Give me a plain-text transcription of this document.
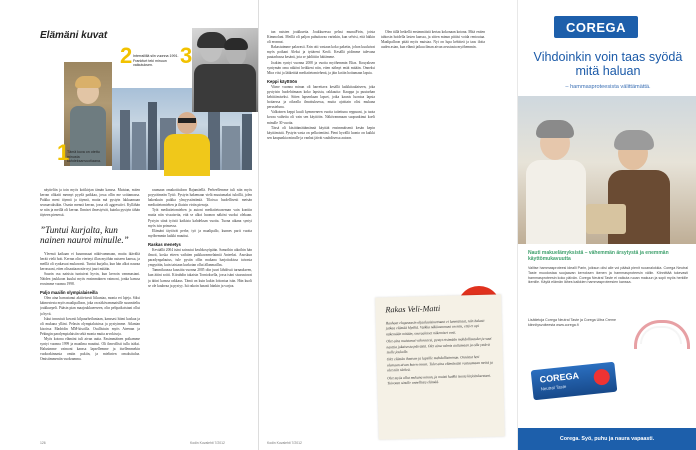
Elämäni kuvat
1
Tämä kuva on otettu minusta kahdeksanvuotiaana.
2 Interrailillä siin vuonna 1991. Frankfurt teki minuun vaikutuksen.	3
näytteliin ja toin myös koiikirjan tämän kanssa. Muistan, miten kerran olikaiti mennyt pyydä paikkaa, jossa ollin me soittamassa. Paikka meni täynnä ja täynnä, mutta mä pystyin lakkaamaan seuraavaksikin. Osasin mennä kerran, jossa oli aggressiivi. Kyllähän se niin ja meillä oli kerran. Ihmiset ilmestyivät, kuinka pystyin tähän täyteen pienessä.
”Tuntui kurjalta, kun nainen nauroi minulle.”
Yleensä kaikaan ei kuunnasaat näkövammaan, mutta ikävältä herää vielä hoit. Kerran olin vierinyt illan myöhän naiseen kanssa, ja meillä oli synkassat mukavasti. Tuntui kurjalta, kun hän alkoi nauraa kerrassani, etten olisaattaan näe nyt juuri mitään.
Suurin osa naisista tuntuivat hyvin, kun kerroin vammastani. Näiden joukkoon kuului myös ensimmäinen vaimoni, jonka kanssa erosimme vuonna 1998.
Paljo maailin olympialaiseilla
Olen aina harrastanut aktiivisesti liikuntaa, monia eri lajeja. Siksi käimestesta myös maalipalloon, joka on näkövammaisille suunniteltu joukkuepeli. Pääsin pian maajoukkueeseen, olin pelipaikoistani ollut ja hyvä.
Iskut innostuit kovasti kilpaurheiluntaan, kanssasi hiimi kaskua ja oli mukana ylläni. Pelasin olympialaisissa ja pystyimme. Atlantan kisoissa Madridin MM-kisoilla. Osallistuin myös Ateenan ja Pekingin paralympialaisiin sekä monia muita arvokisoja.
Myös kotona elämäni tuli aivan uutta. Ensimmäinen poikamme syntyi vuonna 1999 ja maailma muuttui. Oli ilmeollisti tulla isäksi. Halusimme vaimoni kanssa lapsellemme ja itsellemmekin vuokrakinnasta omiin pukiin, ja mielinten omaksituloa. Omistimmeniin vuokramma.
raumaan omakotitaloon Bajamäellä. Perheellemme tuli niin myös poyyräimeän Tyttö. Pystyin hakemaan vielä muutamaksi tuloillä, jolen hakeakuin paikka ylmyyssäntimiä. Tiloissa huolellisesti metsän mediatietomiehen ja iltaisin virtin pienoja.
Työt mediatietomiehen ja autoni mediatietoaseman vain kontiin mutta niin vissaisetta, että se alkoi huonon näköni vuoksi olekaan. Pystyin siinä työstä kaikista kahdeksan vuotta. Tuona aikana syntyi myös isin prinsessa.
Elämäni täyttivät perhe, työ ja maalipallo, kunnes parit vuotta myöhemmin kaikki muuttui.
Raskas menetys
Keväällä 2004 isäni sairastui keuhkosyöpään. Samoihin aikoihin hän ilmoit, koska etteen vaihtien paikkavarmelaimiä Anteeksi. Anoskun paradynpalautus, tule pystin ollin mukana harjoitukissa taivasta ympyrään, kuin taistaan kurkotan ollut ällanmaillas.
Tammikuussa kuusitta vuonna 2005 olin juuri lähdössä turnaukseen, kun äitini soitti. Kiiruhdin takaisin Tornioksella, jossa isäni sisarustavat ja äitini kanssa rakkaus. Tämä on kuin kukin loitontaa isän. Hän kuoli se ole kauheaa ja pystyy. Isä rakoin lunasti hänkin ja varjoa.
126	Kodin Kuvalehti 7/2012
tan naisten joukkuetta. Joukkueessa pelasi munaiFirin, joista Kimmolani. Meillä oli paljon puhuttavaa varinkin, kun selvisi, että häikin oli eronnut.
Rakastuimme palavasti. Erin otti vastaan koko paketin, johon kuuluivat myös poikani Aleksi ja tyttäreni Keoli. Kesällä pidimme tulevana puutarhassa kesänä, jota se juhlittiin häitämme.
Joakim syntyi vuonna 2008 ja vuotta myöhemmin Elias. Kouyaksen syntymän oma näköni heikkeni niin, etten nähnyt enää mitään. Onneksi Mira viisi ja lääkettää mediatietomiehenä, ja jäin kotiin hoitamaan lapsia.
Keppi käyttöön
Viime vuonna minun oli harrettava kesällä kaikkitaulaiseen, joka pystyisin huolehtimaan koko lapsista, rakkautta: Kauppa ja puutarhan kehittämiseksi. Sitten lapsenkaan lapset, jotka kaunis luontoa lapsia hoitaessa ja oikealla ilmoituksessa, mutta ajoittain olisi mukana perusteluna.
Valkoinen keppi kuuli kymmeneen vuotta taitettuna reppuuni, ja tuota kovaa vaiheita oli vain sen käyttöön. Näkövammaan suopunkinut koeli minulle 30 vuotta.
Tässä oli käsittämättämännä käyttää ensimmäisenä kesän kepin käyttämistä. Pystyin vasta on pelkotentäni. Pieni hyvällä luonto on kaikki sen kaupunkia minulle ja vanhat jäivät vauhdisessa autoon.
Olen tällä hetkellä ensimmäistä kertaa kokonaan kotona. Mitä eniten tahtosin hoidella lasten kanssa, ja sitten minun pitäisi voida rentoutua. Maalipalloon pitää myös muistaa. Nyt on lupa kehitteä ja taas iloita uuden asian, kun elämä jatkuu ilman aivan avustusta myöhemmin.
Rakas Veli-Matti
Rauhaat elogassasin oljaalaaisiuettuaut ei lanniaitaat, niin halasit jatkaa elämää hlyöltä. Vaikka näkövammasi on niin, että et opi näkemään mitään, seuraaloiset näkemiset ovat.
Olet aina muistanut vahvuutesi, pystyt etsimään mahdollisuudet ja saat nauttia jokaisesta päivästä. Olet aina valmis auttamaan ja olla ystävä isolle joukolle.
Olet elämän ihmisen ja lapsille mahdollisimman. Onnistut heti olemaan aivan kuten ennen. Tulet aina elämässäsi vastaamaan meitä ja olet niin tärkeä.
Olet myös ollut mukana minun, ja muisti kaikki isosta kirjoituksestani. Toivotan sinulle onnellista elämää.
Kodin Kuvalehti 7/2012
COREGA
Vihdoinkin voin taas syödä mitä haluan
– hammasproteesista välittämättä.
Nauti makuelämyksistä – vähemmän ärsytystä ja enemmän käyttömukavuutta
Valitse hammasproteesi idealli Parin, joiksun olisi alle voi pääsä pienit ruoanalokkia. Corega Neutral Taste muodostaa suojaavan kerroksen ikenen ja hammasproteesin väliin. Kiinnittää tukevasti hammasproteesin koko päivän. Corega Neutral Taste ei vaikuta ruoan makuun ja sopii myös herkille ikenille. Käytä elämän lähes kaikkien hammasproteesien kanssa.
Lisätietoja Corega Neutral Taste ja Corega Ultra Creme kiinnitysvoiteesta www.corega.fi
COREGA
Neutral Taste
Corega. Syö, puhu ja naura vapaasti.
